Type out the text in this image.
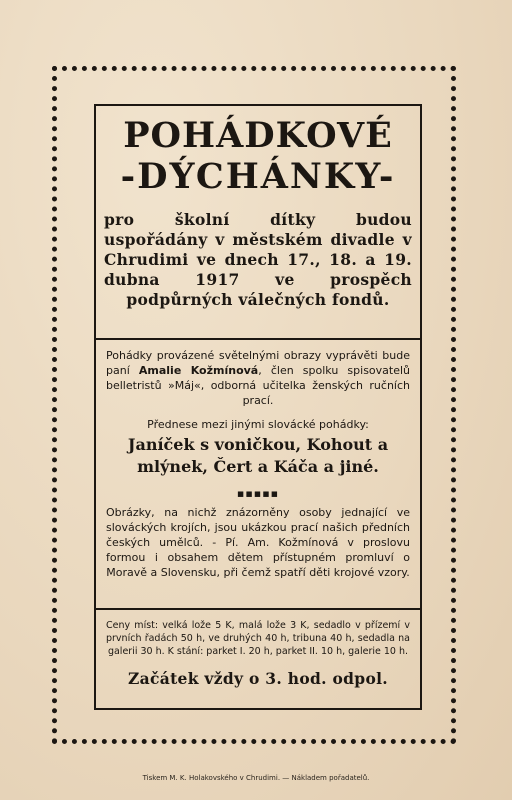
POHÁDKOVÉ
-DÝCHÁNKY-
pro školní dítky budou uspořádány v městském divadle v Chrudimi ve dnech 17., 18. a 19. dubna 1917 ve prospěch podpůrných válečných fondů.
Pohádky provázené světelnými obrazy vyprávěti bude paní Amalie Kožmínová, člen spolku spisovatelů belletristů »Máj«, odborná učitelka ženských ručních prací.
Přednese mezi jinými slovácké pohádky:
Janíček s voničkou, Kohout a mlýnek, Čert a Káča a jiné.
▪▪▪▪▪
Obrázky, na nichž znázorněny osoby jednající ve slováckých krojích, jsou ukázkou prací našich předních českých umělců. - Pí. Am. Kožmínová v proslovu formou i obsahem dětem přístupném promluví o Moravě a Slovensku, při čemž spatří děti krojové vzory.
Ceny míst: velká lože 5 K, malá lože 3 K, sedadlo v přízemí v prvních řadách 50 h, ve druhých 40 h, tribuna 40 h, sedadla na galerii 30 h. K stání: parket I. 20 h, parket II. 10 h, galerie 10 h.
Začátek vždy o 3. hod. odpol.
Tiskem M. K. Holakovského v Chrudimi. — Nákladem pořadatelů.
